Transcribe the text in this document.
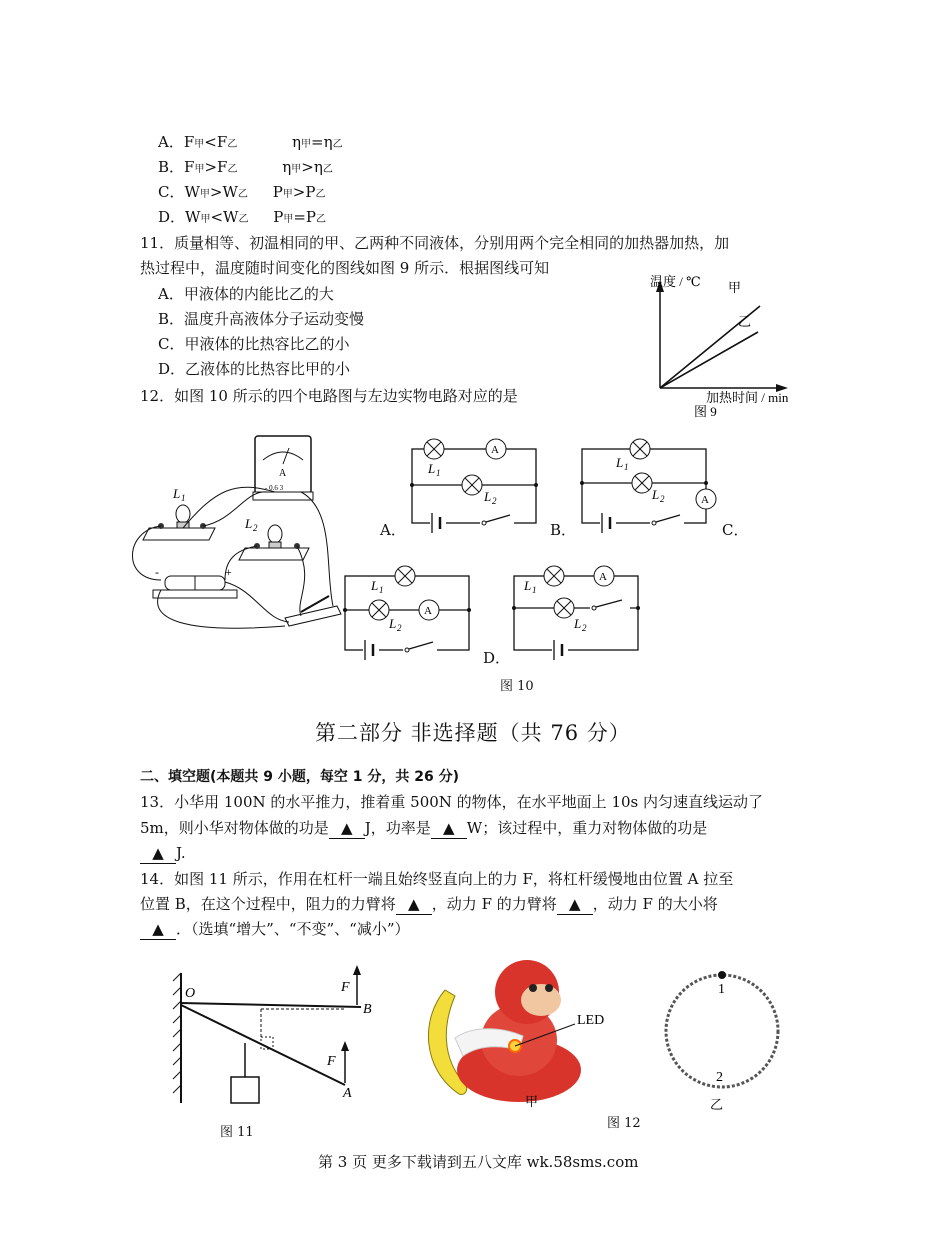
A．F甲<F乙	η甲=η乙
B．F甲>F乙	η甲>η乙
C．W甲>W乙 P甲>P乙
D．W甲<W乙 P甲=P乙
11．质量相等、初温相同的甲、乙两种不同液体，分别用两个完全相同的加热器加热，加
热过程中，温度随时间变化的图线如图 9 所示．根据图线可知
A．甲液体的内能比乙的大
B．温度升高液体分子运动变慢
C．甲液体的比热容比乙的小
D．乙液体的比热容比甲的小
温度 / ℃ 甲
乙
加热时间 / min
图 9
12．如图 10 所示的四个电路图与左边实物电路对应的是
A
- 0.6 3
L 1
L 2
-	+
A
L 1
L 2
A．
A
L 1
L 2
B．	C．
A
L 1
L 2
A
L 1
L 2
D．
图 10
第二部分 非选择题（共 76 分）
二、填空题(本题共 9 小题，每空 1 分，共 26 分)
13．小华用 100N 的水平推力，推着重 500N 的物体，在水平地面上 10s 内匀速直线运动了
5m，则小华对物体做的功是 ▲ J，功率是 ▲ W；该过程中，重力对物体做的功是
▲ J.
14．如图 11 所示，作用在杠杆一端且始终竖直向上的力 F，将杠杆缓慢地由位置 A 拉至
位置 B，在这个过程中，阻力的力臂将 ▲ ，动力 F 的力臂将 ▲ ，动力 F 的大小将
▲ ．（选填“增大”、“不变”、“减小”）
O
B
A
F
F
图 11
LED
甲
图 12
1
2
乙
第 3 页 更多下载请到五八文库 wk.58sms.com
